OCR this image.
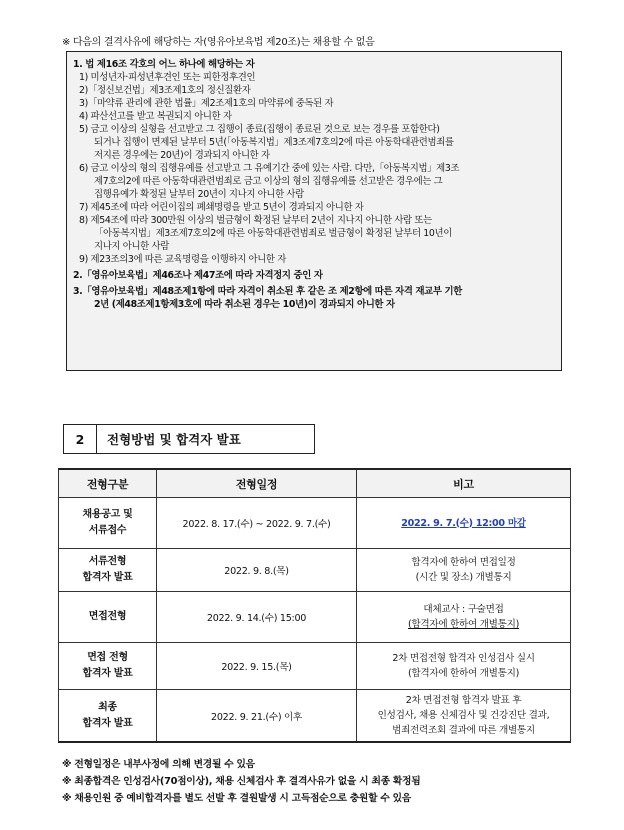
※ 다음의 결격사유에 해당하는 자(영유아보육법 제20조)는 채용할 수 없음
1. 법 제16조 각호의 어느 하나에 해당하는 자
1) 미성년자·피성년후견인 또는 피한정후견인
2)「정신보건법」제3조제1호의 정신질환자
3)「마약류 관리에 관한 법률」제2조제1호의 마약류에 중독된 자
4) 파산선고를 받고 복권되지 아니한 자
5) 금고 이상의 실형을 선고받고 그 집행이 종료(집행이 종료된 것으로 보는 경우를 포함한다)
되거나 집행이 면제된 날부터 5년(「아동복지법」제3조제7호의2에 따른 아동학대관련범죄를
저지른 경우에는 20년)이 경과되지 아니한 자
6) 금고 이상의 형의 집행유예를 선고받고 그 유예기간 중에 있는 사람. 다만,「아동복지법」제3조
제7호의2에 따른 아동학대관련범죄로 금고 이상의 형의 집행유예를 선고받은 경우에는 그
집행유예가 확정된 날부터 20년이 지나지 아니한 사람
7) 제45조에 따라 어린이집의 폐쇄명령을 받고 5년이 경과되지 아니한 자
8) 제54조에 따라 300만원 이상의 벌금형이 확정된 날부터 2년이 지나지 아니한 사람 또는
「아동복지법」제3조제7호의2에 따른 아동학대관련범죄로 벌금형이 확정된 날부터 10년이
지나지 아니한 사람
9) 제23조의3에 따른 교육명령을 이행하지 아니한 자
2.「영유아보육법」제46조나 제47조에 따라 자격정지 중인 자
3.「영유아보육법」제48조제1항에 따라 자격이 취소된 후 같은 조 제2항에 따른 자격 재교부 기한
2년 (제48조제1항제3호에 따라 취소된 경우는 10년)이 경과되지 아니한 자
2	전형방법 및 합격자 발표
전형구분	전형일정	비고
채용공고 및
서류접수	2022. 8. 17.(수) ~ 2022. 9. 7.(수)	2022. 9. 7.(수) 12:00 마감

서류전형
합격자 발표	2022. 9. 8.(목)	합격자에 한하여 면접일정
(시간 및 장소) 개별통지

면접전형	2022. 9. 14.(수) 15:00	대체교사 : 구술면접
(합격자에 한하여 개별통지)

면접 전형
합격자 발표	2022. 9. 15.(목)	2차 면접전형 합격자 인성검사 실시
(합격자에 한하여 개별통지)

최종
합격자 발표	2022. 9. 21.(수) 이후	2차 면접전형 합격자 발표 후
인성검사, 채용 신체검사 및 건강진단 결과,
범죄전력조회 결과에 따른 개별통지
※ 전형일정은 내부사정에 의해 변경될 수 있음
※ 최종합격은 인성검사(70점이상), 채용 신체검사 후 결격사유가 없을 시 최종 확정됨
※ 채용인원 중 예비합격자를 별도 선발 후 결원발생 시 고득점순으로 충원할 수 있음
